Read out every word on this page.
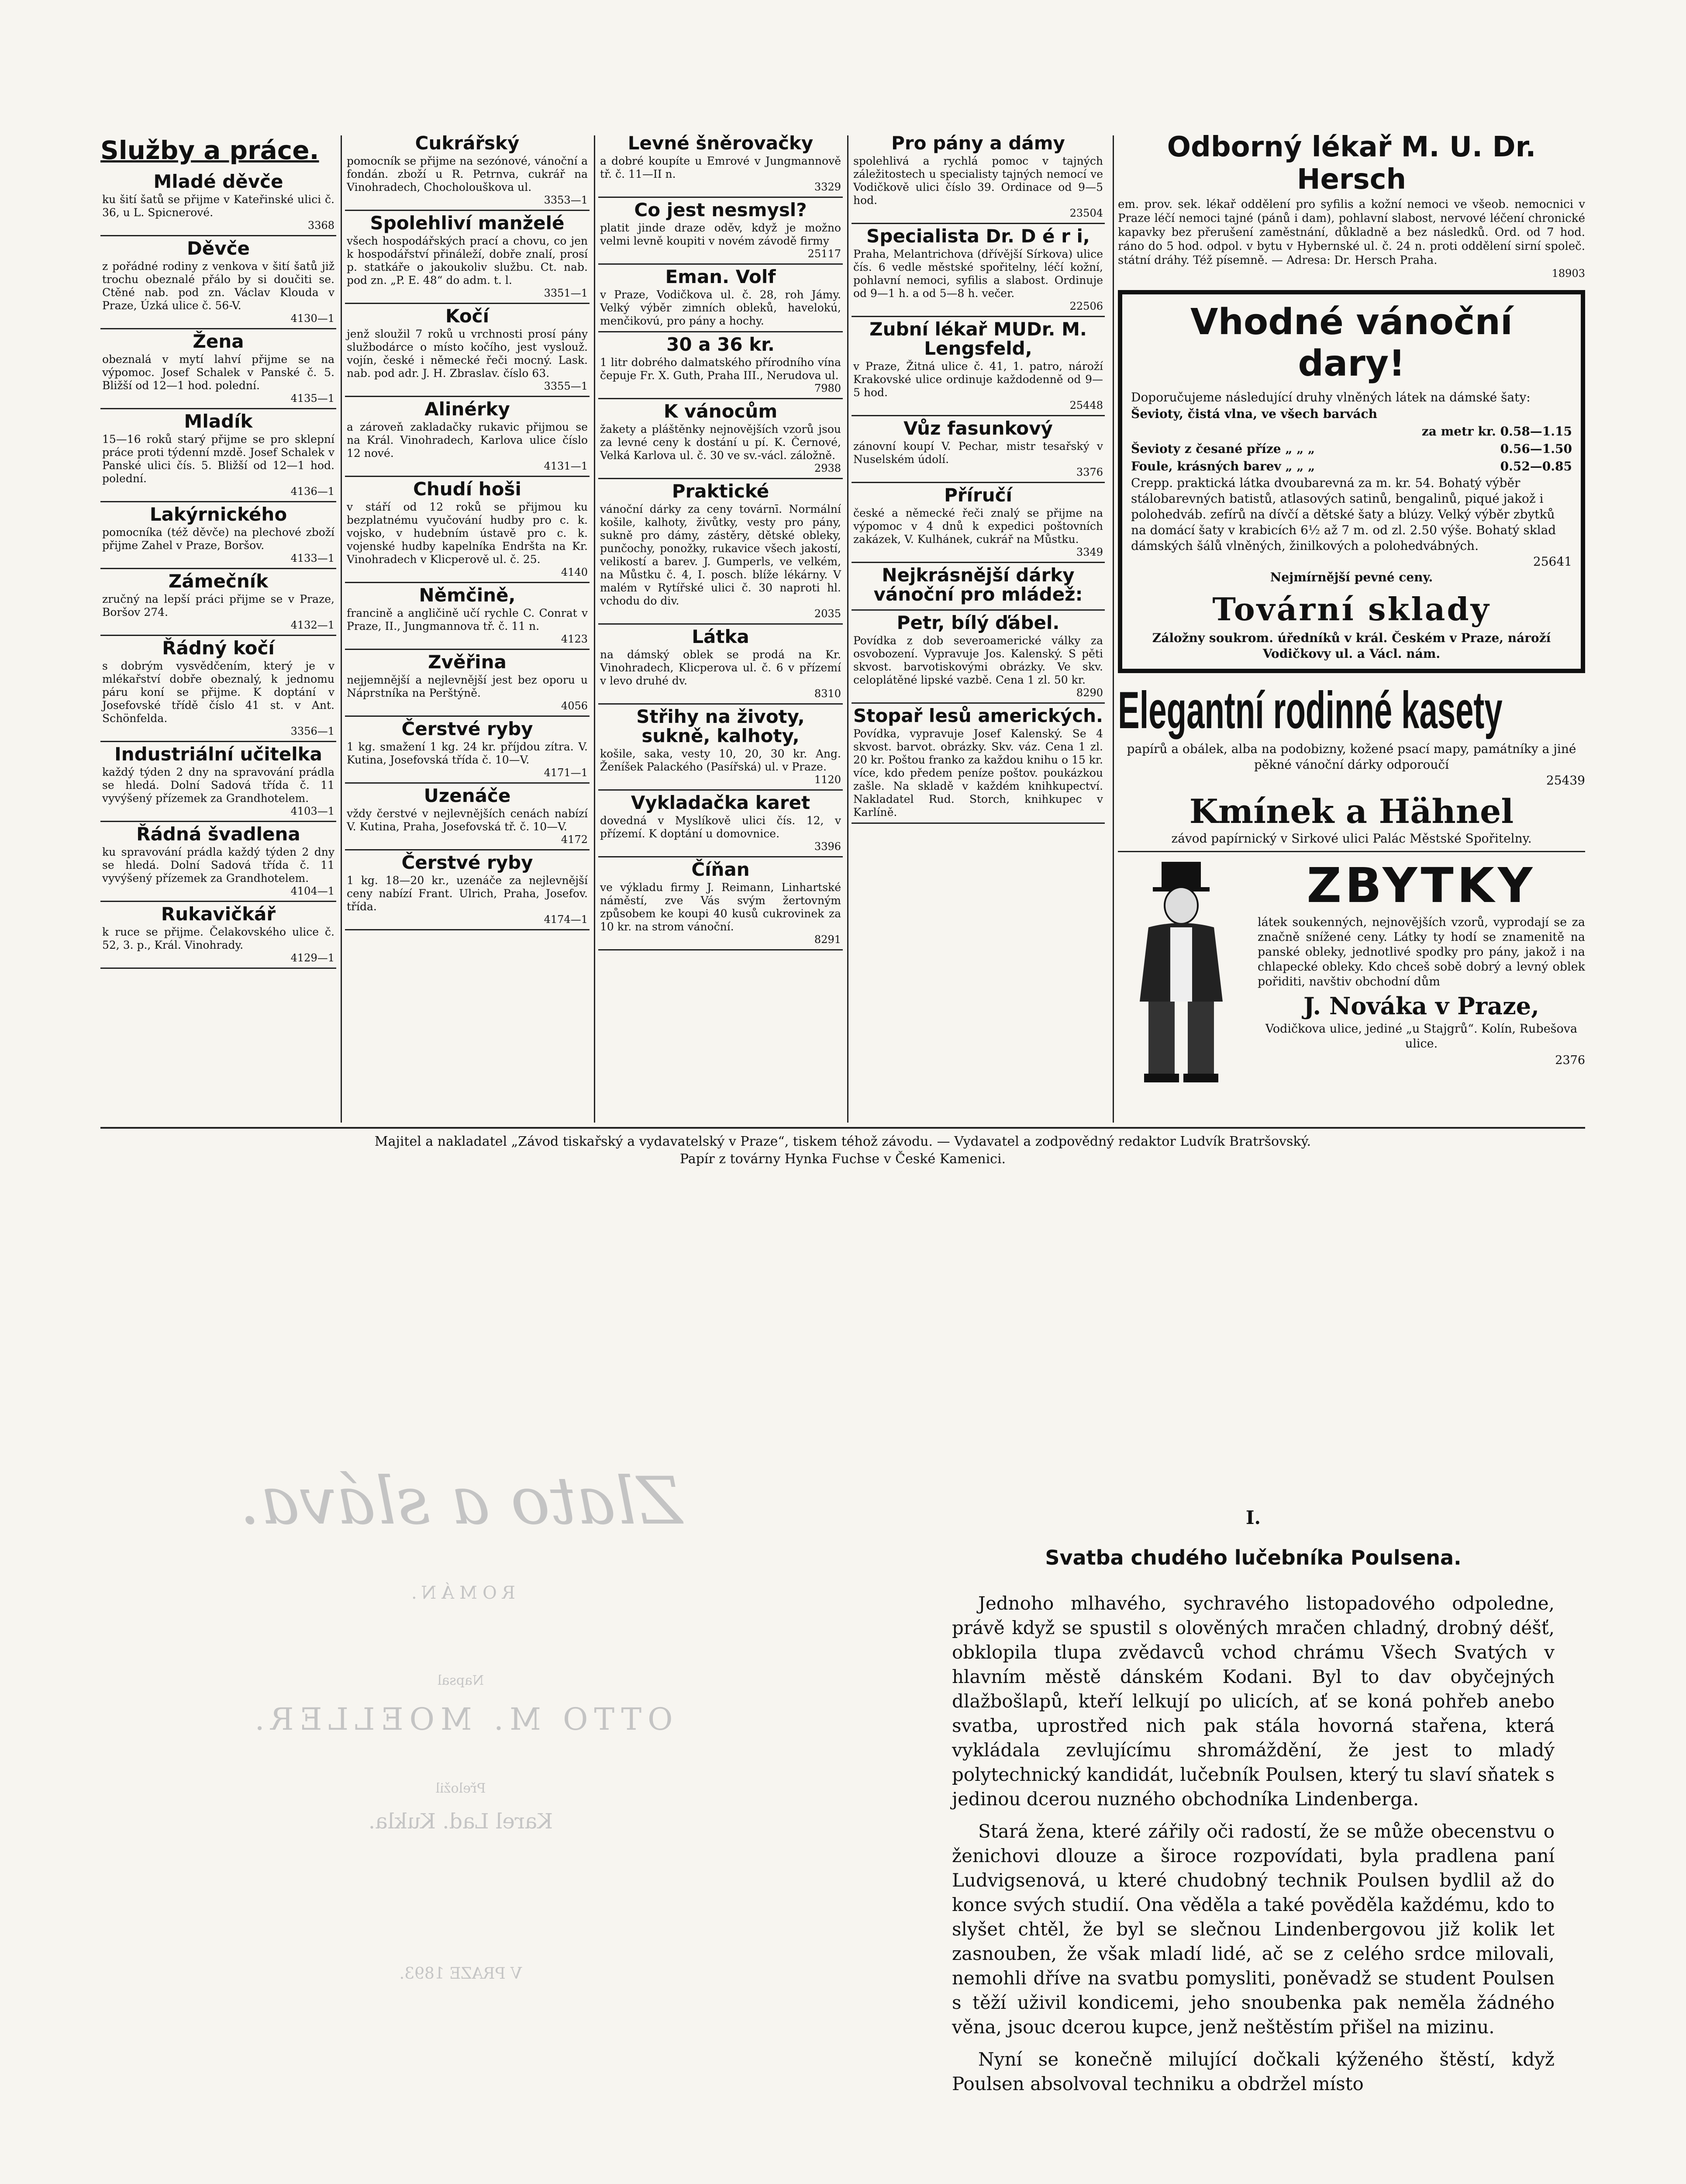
Služby a práce.
Mladé děvče

ku šití šatů se přijme v Kateřinské ulici č. 36, u L. Spicnerové.

3368
Děvče

z pořádné rodiny z venkova v šití šatů již trochu obeznalé přálo by si doučiti se. Ctěné nab. pod zn. Václav Klouda v Praze, Úzká ulice č. 56-V.

4130—1
Žena

obeznalá v mytí lahví přijme se na výpomoc. Josef Schalek v Panské č. 5. Bližší od 12—1 hod. polední.

4135—1
Mladík

15—16 roků starý přijme se pro sklepní práce proti týdenní mzdě. Josef Schalek v Panské ulici čís. 5. Bližší od 12—1 hod. polední.

4136—1
Lakýrnického

pomocníka (též děvče) na plechové zboží přijme Zahel v Praze, Boršov.

4133—1
Zámečník

zručný na lepší práci přijme se v Praze, Boršov 274.

4132—1
Řádný kočí

s dobrým vysvědčením, který je v mlékařství dobře obeznalý, k jednomu páru koní se přijme. K doptání v Josefovské třídě číslo 41 st. v Ant. Schönfelda.

3356—1
Industriální učitelka

každý týden 2 dny na spravování prádla se hledá. Dolní Sadová třída č. 11 vyvýšený přízemek za Grandhotelem.

4103—1
Řádná švadlena

ku spravování prádla každý týden 2 dny se hledá. Dolní Sadová třída č. 11 vyvýšený přízemek za Grandhotelem.

4104—1
Rukavičkář

k ruce se přijme. Čelakovského ulice č. 52, 3. p., Král. Vinohrady.

4129—1
Cukrářský

pomocník se přijme na sezónové, vánoční a fondán. zboží u R. Petrnva, cukrář na Vinohradech, Chocholouškova ul.

3353—1
Spolehliví manželé

všech hospodářských prací a chovu, co jen k hospodářství přináleží, dobře znalí, prosí p. statkáře o jakoukoliv službu. Ct. nab. pod zn. „P. E. 48“ do adm. t. l.

3351—1
Kočí

jenž sloužil 7 roků u vrchnosti prosí pány službodárce o místo kočího, jest vyslouž. vojín, české i německé řeči mocný. Lask. nab. pod adr. J. H. Zbraslav. číslo 63.

3355—1
Alinérky

a zároveň zakladačky rukavic přijmou se na Král. Vinohradech, Karlova ulice číslo 12 nové.

4131—1
Chudí hoši

v stáří od 12 roků se přijmou ku bezplatnému vyučování hudby pro c. k. vojsko, v hudebním ústavě pro c. k. vojenské hudby kapelníka Endršta na Kr. Vinohradech v Klicperově ul. č. 25.

4140
Němčině,

francině a angličině učí rychle C. Conrat v Praze, II., Jungmannova tř. č. 11 n.

4123
Zvěřina

nejjemnější a nejlevnější jest bez oporu u Náprstníka na Perštýně.

4056
Čerstvé ryby

1 kg. smažení 1 kg. 24 kr. příjdou zítra. V. Kutina, Josefovská třída č. 10—V.

4171—1
Uzenáče

vždy čerstvé v nejlevnějších cenách nabízí V. Kutina, Praha, Josefovská tř. č. 10—V.

4172
Čerstvé ryby

1 kg. 18—20 kr., uzenáče za nejlevnější ceny nabízí Frant. Ulrich, Praha, Josefov. třída.

4174—1
Levné šněrovačky

a dobré koupíte u Emrové v Jungmannově tř. č. 11—II n.

3329
Co jest nesmysl?

platit jinde draze oděv, když je možno velmi levně koupiti v novém závodě firmy

25117
Eman. Volf

v Praze, Vodičkova ul. č. 28, roh Jámy. Velký výběr zimních obleků, havelokú, menčikovú, pro pány a hochy.

30 a 36 kr.

1 litr dobrého dalmatského přírodního vína čepuje Fr. X. Guth, Praha III., Nerudova ul.

7980
K vánocům

žakety a pláštěnky nejnovějších vzorů jsou za levné ceny k dostání u pí. K. Černové, Velká Karlova ul. č. 30 ve sv.-václ. záložně.

2938
Praktické

vánoční dárky za ceny továrnī. Normální košile, kalhoty, živůtky, vesty pro pány, sukně pro dámy, zástěry, dětské obleky, punčochy, ponožky, rukavice všech jakostí, velikostí a barev. J. Gumperls, ve velkém, na Můstku č. 4, I. posch. blíže lékárny. V malém v Rytířské ulici č. 30 naproti hl. vchodu do div.

2035
Látka

na dámský oblek se prodá na Kr. Vinohradech, Klicperova ul. č. 6 v přízemí v levo druhé dv.

8310
Střihy na životy, sukně, kalhoty,

košile, saka, vesty 10, 20, 30 kr. Ang. Ženíšek Palackého (Pasířská) ul. v Praze.

1120
Vykladačka karet

dovedná v Myslíkově ulici čís. 12, v přízemí. K doptání u domovnice.

3396
Číňan

ve výkladu firmy J. Reimann, Linhartské náměstí, zve Vás svým žertovným způsobem ke koupi 40 kusů cukrovinek za 10 kr. na strom vánoční.

8291
Pro pány a dámy

spolehlivá a rychlá pomoc v tajných záležitostech u specialisty tajných nemocí ve Vodičkově ulici číslo 39. Ordinace od 9—5 hod.

23504
Specialista Dr. D é r i,

Praha, Melantrichova (dřívější Sírkova) ulice čís. 6 vedle městské spořitelny, léčí kožní, pohlavní nemoci, syfilis a slabost. Ordinuje od 9—1 h. a od 5—8 h. večer.

22506
Zubní lékař MUDr. M. Lengsfeld,

v Praze, Žitná ulice č. 41, 1. patro, nároží Krakovské ulice ordinuje každodenně od 9—5 hod.

25448
Vůz fasunkový

zánovní koupí V. Pechar, mistr tesařský v Nuselském údolí.

3376
Příručí

české a německé řeči znalý se přijme na výpomoc v 4 dnů k expedici poštovních zakázek, V. Kulhánek, cukrář na Můstku.

3349
Nejkrásnější dárky vánoční pro mládež:

Petr, bílý ďábel.

Povídka z dob severoamerické války za osvobození. Vypravuje Jos. Kalenský. S pěti skvost. barvotiskovými obrázky. Ve skv. celoplátěné lipské vazbě. Cena 1 zl. 50 kr.

8290
Stopař lesů amerických.

Povídka, vypravuje Josef Kalenský. Se 4 skvost. barvot. obrázky. Skv. váz. Cena 1 zl. 20 kr. Poštou franko za každou knihu o 15 kr. více, kdo předem peníze poštov. poukázkou zašle. Na skladě v každém knihkupectví. Nakladatel Rud. Storch, knihkupec v Karlíně.

Odborný lékař M. U. Dr. Hersch

em. prov. sek. lékař oddělení pro syfilis a kožní nemoci ve všeob. nemocnici v Praze léčí nemoci tajné (pánů i dam), pohlavní slabost, nervové léčení chronické kapavky bez přerušení zaměstnání, důkladně a bez následků. Ord. od 7 hod. ráno do 5 hod. odpol. v bytu v Hybernské ul. č. 24 n. proti oddělení sirní společ. státní dráhy. Též písemně. — Adresa: Dr. Hersch Praha.

18903
Vhodné vánoční dary!

Doporučujeme následující druhy vlněných látek na dámské šaty:

Ševioty, čistá vlna, ve všech barvách
za metr kr. 0.58—1.15
Ševioty z česané příze „ „ „	0.56—1.50
Foule, krásných barev „ „ „	0.52—0.85

Crepp. praktická látka dvoubarevná za m. kr. 54. Bohatý výběr stálobarevných batistů, atlasových satinů, bengalinů, piqué jakož i polohedváb. zefírů na dívčí a dětské šaty a blúzy. Velký výběr zbytků na domácí šaty v krabicích 6½ až 7 m. od zl. 2.50 výše. Bohatý sklad dámských šálů vlněných, žinilkových a polohedvábných.

25641

Nejmírnější pevné ceny.

Tovární sklady

Záložny soukrom. úředníků v král. Českém v Praze, nároží Vodičkovy ul. a Václ. nám.

Elegantní rodinné kasety

papírů a obálek, alba na podobizny, kožené psací mapy, památníky a jiné pěkné vánoční dárky odporoučí

25439

Kmínek a Hähnel

závod papírnický v Sirkové ulici Palác Městské Spořitelny.

ZBYTKY

látek soukenných, nejnovějších vzorů, vyprodají se za značně snížené ceny. Látky ty hodí se znamenitě na panské obleky, jednotlivé spodky pro pány, jakož i na chlapecké obleky. Kdo chceš sobě dobrý a levný oblek pořiditi, navštiv obchodní dům

J. Nováka v Praze,

Vodičkova ulice, jediné „u Stajgrů“. Kolín, Rubešova ulice.

2376

Majitel a nakladatel „Závod tiskařský a vydavatelský v Praze“, tiskem téhož závodu. — Vydavatel a zodpovědný redaktor Ludvík Bratršovský.
Papír z továrny Hynka Fuchse v České Kamenici.
Zlato a sláva.
ROMÁN.
Napsal
OTTO M. MOELLER.
Přeložil
Karel Lad. Kukla.
V PRAZE 1893.
I.
Svatba chudého lučebníka Poulsena.

Jednoho mlhavého, sychravého listopadového odpoledne, právě když se spustil s olověných mračen chladný, drobný déšť, obklopila tlupa zvědavců vchod chrámu Všech Svatých v hlavním městě dánském Kodani. Byl to dav obyčejných dlažbošlapů, kteří lelkují po ulicích, ať se koná pohřeb anebo svatba, uprostřed nich pak stála hovorná stařena, která vykládala zevlujícímu shromáždění, že jest to mladý polytechnický kandidát, lučebník Poulsen, který tu slaví sňatek s jedinou dcerou nuzného obchodníka Lindenberga.

Stará žena, které zářily oči radostí, že se může obecenstvu o ženichovi dlouze a široce rozpovídati, byla pradlena paní Ludvigsenová, u které chudobný technik Poulsen bydlil až do konce svých studií. Ona věděla a také pověděla každému, kdo to slyšet chtěl, že byl se slečnou Lindenbergovou již kolik let zasnouben, že však mladí lidé, ač se z celého srdce milovali, nemohli dříve na svatbu pomysliti, poněvadž se student Poulsen s těží uživil kondicemi, jeho snoubenka pak neměla žádného věna, jsouc dcerou kupce, jenž neštěstím přišel na mizinu.

Nyní se konečně milující dočkali kýženého štěstí, když Poulsen absolvoval techniku a obdržel místo
